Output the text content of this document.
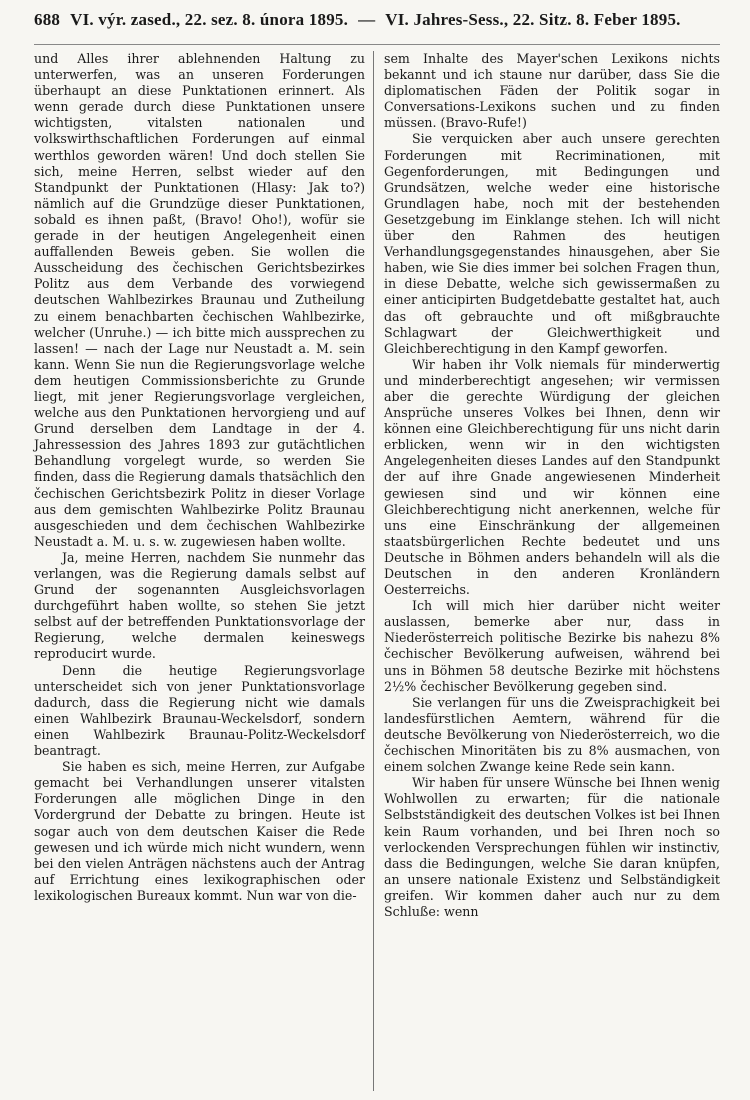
688 VI. výr. zased., 22. sez. 8. února 1895. — VI. Jahres-Sess., 22. Sitz. 8. Feber 1895.

und Alles ihrer ablehnenden Haltung zu unterwerfen, was an unseren Forderungen überhaupt an diese Punktationen erinnert. Als wenn gerade durch diese Punktationen unsere wichtigsten, vitalsten nationalen und volkswirthschaftlichen Forderungen auf einmal werthlos geworden wären! Und doch stellen Sie sich, meine Herren, selbst wieder auf den Standpunkt der Punktationen (Hlasy: Jak to?) nämlich auf die Grundzüge dieser Punktationen, sobald es ihnen paßt, (Bravo! Oho!), wofür sie gerade in der heutigen Angelegenheit einen auffallenden Beweis geben. Sie wollen die Ausscheidung des čechischen Gerichtsbezirkes Politz aus dem Verbande des vorwiegend deutschen Wahlbezirkes Braunau und Zutheilung zu einem benachbarten čechischen Wahlbezirke, welcher (Unruhe.) — ich bitte mich aussprechen zu lassen! — nach der Lage nur Neustadt a. M. sein kann. Wenn Sie nun die Regierungsvorlage welche dem heutigen Commissionsberichte zu Grunde liegt, mit jener Regierungsvorlage vergleichen, welche aus den Punktationen hervorgieng und auf Grund derselben dem Landtage in der 4. Jahressession des Jahres 1893 zur gutächtlichen Behandlung vorgelegt wurde, so werden Sie finden, dass die Regierung damals thatsächlich den čechischen Gerichtsbezirk Politz in dieser Vorlage aus dem gemischten Wahlbezirke Politz Braunau ausgeschieden und dem čechischen Wahlbezirke Neustadt a. M. u. s. w. zugewiesen haben wollte.

Ja, meine Herren, nachdem Sie nunmehr das verlangen, was die Regierung damals selbst auf Grund der sogenannten Ausgleichsvorlagen durchgeführt haben wollte, so stehen Sie jetzt selbst auf der betreffenden Punktationsvorlage der Regierung, welche dermalen keineswegs reproducirt wurde.

Denn die heutige Regierungsvorlage unterscheidet sich von jener Punktationsvorlage dadurch, dass die Regierung nicht wie damals einen Wahlbezirk Braunau-Weckelsdorf, sondern einen Wahlbezirk Braunau-Politz-Weckelsdorf beantragt.

Sie haben es sich, meine Herren, zur Aufgabe gemacht bei Verhandlungen unserer vitalsten Forderungen alle möglichen Dinge in den Vordergrund der Debatte zu bringen. Heute ist sogar auch von dem deutschen Kaiser die Rede gewesen und ich würde mich nicht wundern, wenn bei den vielen Anträgen nächstens auch der Antrag auf Errichtung eines lexikographischen oder lexikologischen Bureaux kommt. Nun war von die-

sem Inhalte des Mayer'schen Lexikons nichts bekannt und ich staune nur darüber, dass Sie die diplomatischen Fäden der Politik sogar in Conversations-Lexikons suchen und zu finden müssen. (Bravo-Rufe!)

Sie verquicken aber auch unsere gerechten Forderungen mit Recriminationen, mit Gegenforderungen, mit Bedingungen und Grundsätzen, welche weder eine historische Grundlagen habe, noch mit der bestehenden Gesetzgebung im Einklange stehen. Ich will nicht über den Rahmen des heutigen Verhandlungsgegenstandes hinausgehen, aber Sie haben, wie Sie dies immer bei solchen Fragen thun, in diese Debatte, welche sich gewissermaßen zu einer anticipirten Budgetdebatte gestaltet hat, auch das oft gebrauchte und oft mißgbrauchte Schlagwart der Gleichwerthigkeit und Gleichberechtigung in den Kampf geworfen.

Wir haben ihr Volk niemals für minderwertig und minderberechtigt angesehen; wir vermissen aber die gerechte Würdigung der gleichen Ansprüche unseres Volkes bei Ihnen, denn wir können eine Gleichberechtigung für uns nicht darin erblicken, wenn wir in den wichtigsten Angelegenheiten dieses Landes auf den Standpunkt der auf ihre Gnade angewiesenen Minderheit gewiesen sind und wir können eine Gleichberechtigung nicht anerkennen, welche für uns eine Einschränkung der allgemeinen staatsbürgerlichen Rechte bedeutet und uns Deutsche in Böhmen anders behandeln will als die Deutschen in den anderen Kronländern Oesterreichs.

Ich will mich hier darüber nicht weiter auslassen, bemerke aber nur, dass in Niederösterreich politische Bezirke bis nahezu 8% čechischer Bevölkerung aufweisen, während bei uns in Böhmen 58 deutsche Bezirke mit höchstens 2½% čechischer Bevölkerung gegeben sind.

Sie verlangen für uns die Zweisprachigkeit bei landesfürstlichen Aemtern, während für die deutsche Bevölkerung von Niederösterreich, wo die čechischen Minoritäten bis zu 8% ausmachen, von einem solchen Zwange keine Rede sein kann.

Wir haben für unsere Wünsche bei Ihnen wenig Wohlwollen zu erwarten; für die nationale Selbstständigkeit des deutschen Volkes ist bei Ihnen kein Raum vorhanden, und bei Ihren noch so verlockenden Versprechungen fühlen wir instinctiv, dass die Bedingungen, welche Sie daran knüpfen, an unsere nationale Existenz und Selbständigkeit greifen. Wir kommen daher auch nur zu dem Schluße: wenn
